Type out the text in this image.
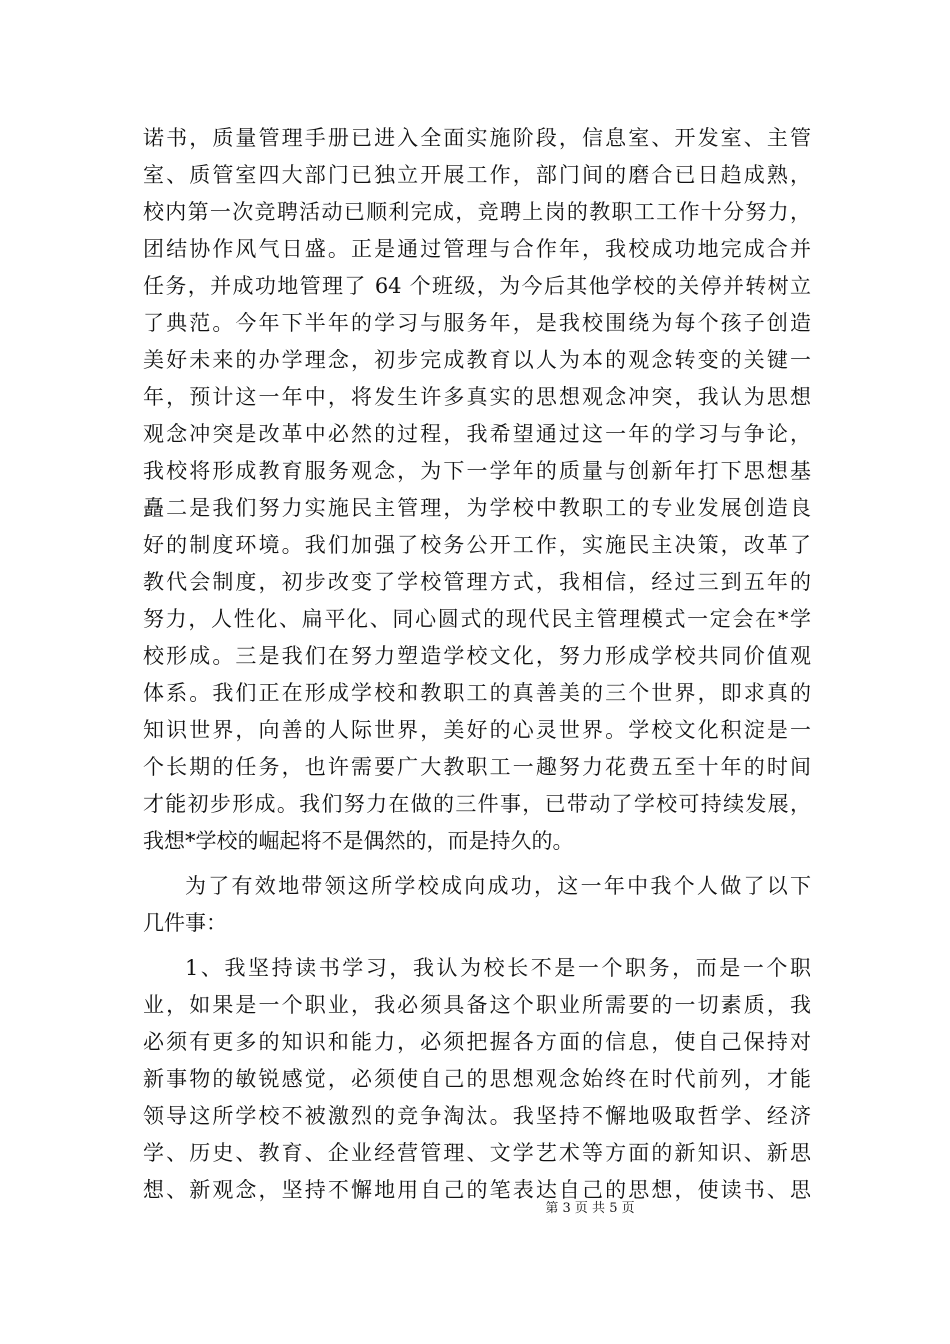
诺书，质量管理手册已进入全面实施阶段，信息室、开发室、主管
室、质管室四大部门已独立开展工作，部门间的磨合已日趋成熟，
校内第一次竞聘活动已顺利完成，竞聘上岗的教职工工作十分努力，
团结协作风气日盛。正是通过管理与合作年，我校成功地完成合并
任务，并成功地管理了 64 个班级，为今后其他学校的关停并转树立
了典范。今年下半年的学习与服务年，是我校围绕为每个孩子创造
美好未来的办学理念，初步完成教育以人为本的观念转变的关键一
年，预计这一年中，将发生许多真实的思想观念冲突，我认为思想
观念冲突是改革中必然的过程，我希望通过这一年的学习与争论，
我校将形成教育服务观念，为下一学年的质量与创新年打下思想基
矗二是我们努力实施民主管理，为学校中教职工的专业发展创造良
好的制度环境。我们加强了校务公开工作，实施民主决策，改革了
教代会制度，初步改变了学校管理方式，我相信，经过三到五年的
努力，人性化、扁平化、同心圆式的现代民主管理模式一定会在*学
校形成。三是我们在努力塑造学校文化，努力形成学校共同价值观
体系。我们正在形成学校和教职工的真善美的三个世界，即求真的
知识世界，向善的人际世界，美好的心灵世界。学校文化积淀是一
个长期的任务，也许需要广大教职工一趣努力花费五至十年的时间
才能初步形成。我们努力在做的三件事，已带动了学校可持续发展，
我想*学校的崛起将不是偶然的，而是持久的。
为了有效地带领这所学校成向成功，这一年中我个人做了以下
几件事：
1、我坚持读书学习，我认为校长不是一个职务，而是一个职
业，如果是一个职业，我必须具备这个职业所需要的一切素质，我
必须有更多的知识和能力，必须把握各方面的信息，使自己保持对
新事物的敏锐感觉，必须使自己的思想观念始终在时代前列，才能
领导这所学校不被激烈的竞争淘汰。我坚持不懈地吸取哲学、经济
学、历史、教育、企业经营管理、文学艺术等方面的新知识、新思
想、新观念，坚持不懈地用自己的笔表达自己的思想，使读书、思
第 3 页 共 5 页
